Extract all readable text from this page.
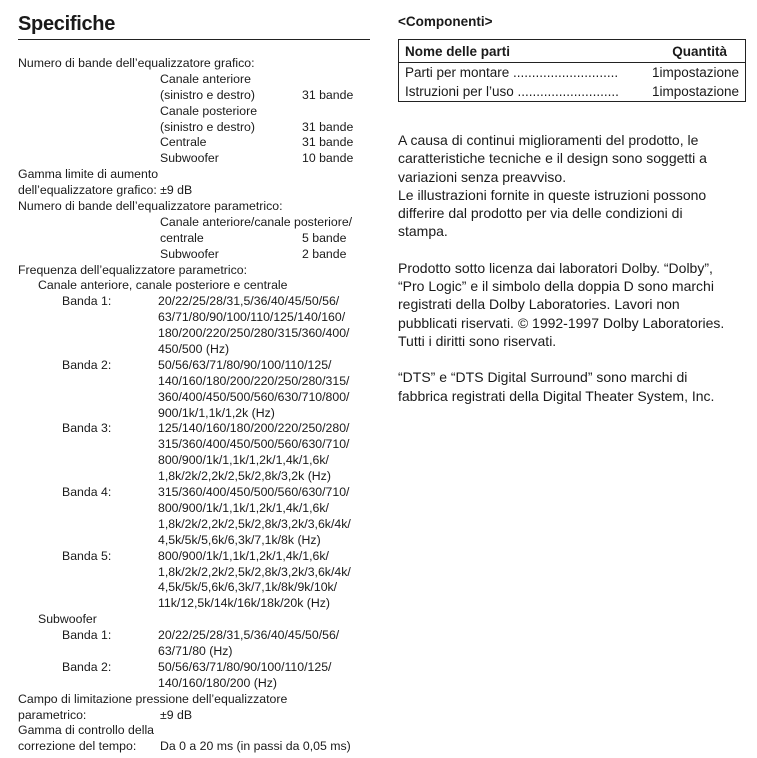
Specifiche
Numero di bande dell’equalizzatore grafico:
Canale anteriore
(sinistro e destro)	31 bande
Canale posteriore
(sinistro e destro)	31 bande
Centrale	31 bande
Subwoofer	10 bande
Gamma limite di aumento
dell’equalizzatore grafico: ±9 dB
Numero di bande dell’equalizzatore parametrico:
Canale anteriore/canale posteriore/
centrale	5 bande
Subwoofer	2 bande
Frequenza dell’equalizzatore parametrico:
Canale anteriore, canale posteriore e centrale
Banda 1:	20/22/25/28/31,5/36/40/45/50/56/
63/71/80/90/100/110/125/140/160/
180/200/220/250/280/315/360/400/
450/500 (Hz)
Banda 2:	50/56/63/71/80/90/100/110/125/
140/160/180/200/220/250/280/315/
360/400/450/500/560/630/710/800/
900/1k/1,1k/1,2k (Hz)
Banda 3:	125/140/160/180/200/220/250/280/
315/360/400/450/500/560/630/710/
800/900/1k/1,1k/1,2k/1,4k/1,6k/
1,8k/2k/2,2k/2,5k/2,8k/3,2k (Hz)
Banda 4:	315/360/400/450/500/560/630/710/
800/900/1k/1,1k/1,2k/1,4k/1,6k/
1,8k/2k/2,2k/2,5k/2,8k/3,2k/3,6k/4k/
4,5k/5k/5,6k/6,3k/7,1k/8k (Hz)
Banda 5:	800/900/1k/1,1k/1,2k/1,4k/1,6k/
1,8k/2k/2,2k/2,5k/2,8k/3,2k/3,6k/4k/
4,5k/5k/5,6k/6,3k/7,1k/8k/9k/10k/
11k/12,5k/14k/16k/18k/20k (Hz)
Subwoofer
Banda 1:	20/22/25/28/31,5/36/40/45/50/56/
63/71/80 (Hz)
Banda 2:	50/56/63/71/80/90/100/110/125/
140/160/180/200 (Hz)
Campo di limitazione pressione dell’equalizzatore
parametrico:	±9 dB
Gamma di controllo della
correzione del tempo: Da 0 a 20 ms (in passi da 0,05 ms)
<Componenti>
Nome delle parti	Quantità
Parti per montare ............................	1impostazione
Istruzioni per l’uso ...........................	1impostazione

A causa di continui miglioramenti del prodotto, le
caratteristiche tecniche e il design sono soggetti a
variazioni senza preavviso.
Le illustrazioni fornite in queste istruzioni possono
differire dal prodotto per via delle condizioni di
stampa.

Prodotto sotto licenza dai laboratori Dolby. “Dolby”,
“Pro Logic” e il simbolo della doppia D sono marchi
registrati della Dolby Laboratories. Lavori non
pubblicati riservati. © 1992-1997 Dolby Laboratories.
Tutti i diritti sono riservati.

“DTS” e “DTS Digital Surround” sono marchi di
fabbrica registrati della Digital Theater System, Inc.
